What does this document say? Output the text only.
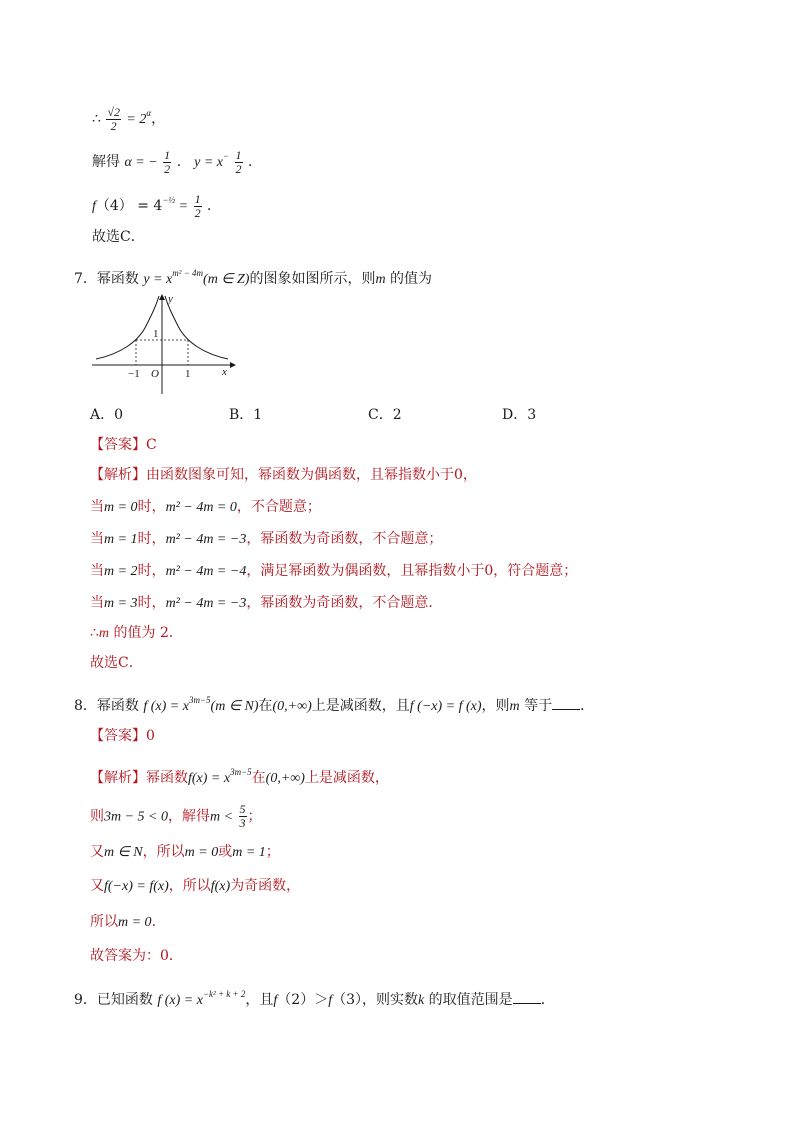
∴ $\frac{√2}{2} = 2^\alpha$，
解得 α = − $\frac{1}{2}$ ． $y = x^- \frac{1}{2}$ ．
$f(4) = 4^{-\frac{1}{2}} = \frac{1}{2}$ ．
故选C．
7．幂函数 $y = x^{m^2 - 4m}(m$ ∈ Z)的图象如图所示，则m 的值为
y
x
O
1
−1	1
A．0	B．1	C．2	D．3
【答案】C
【解析】由函数图象可知，幂函数为偶函数，且幂指数小于0，
当m = 0时，m² − 4m = 0，不合题意；
当m = 1时，m² − 4m = −3，幂函数为奇函数，不合题意；
当m = 2时，m² − 4m = −4，满足幂函数为偶函数，且幂指数小于0，符合题意；
当m = 3时，m² − 4m = −3，幂函数为奇函数，不合题意．
∴m 的值为 2．
故选C．
8．幂函数 f $(x) = x^{3m-5}(m$ ∈ N)在(0,+∞)上是减函数，且f (−x) = f (x)，则m 等于 ．
【答案】0
【解析】幂函数$f(x) = x^{3m-5}$在(0,+∞)上是减函数，
则3m − 5 < 0，解得$m < \frac{5}{3}$ ；
又m ∈ N，所以m = 0或m = 1；
又f(−x) = f(x)，所以f(x)为奇函数，
所以m = 0．
故答案为：0．
9．已知函数 f $(x) = x^{-k^2 + k + 2}$，且f（2）＞f（3），则实数k 的取值范围是 ．
